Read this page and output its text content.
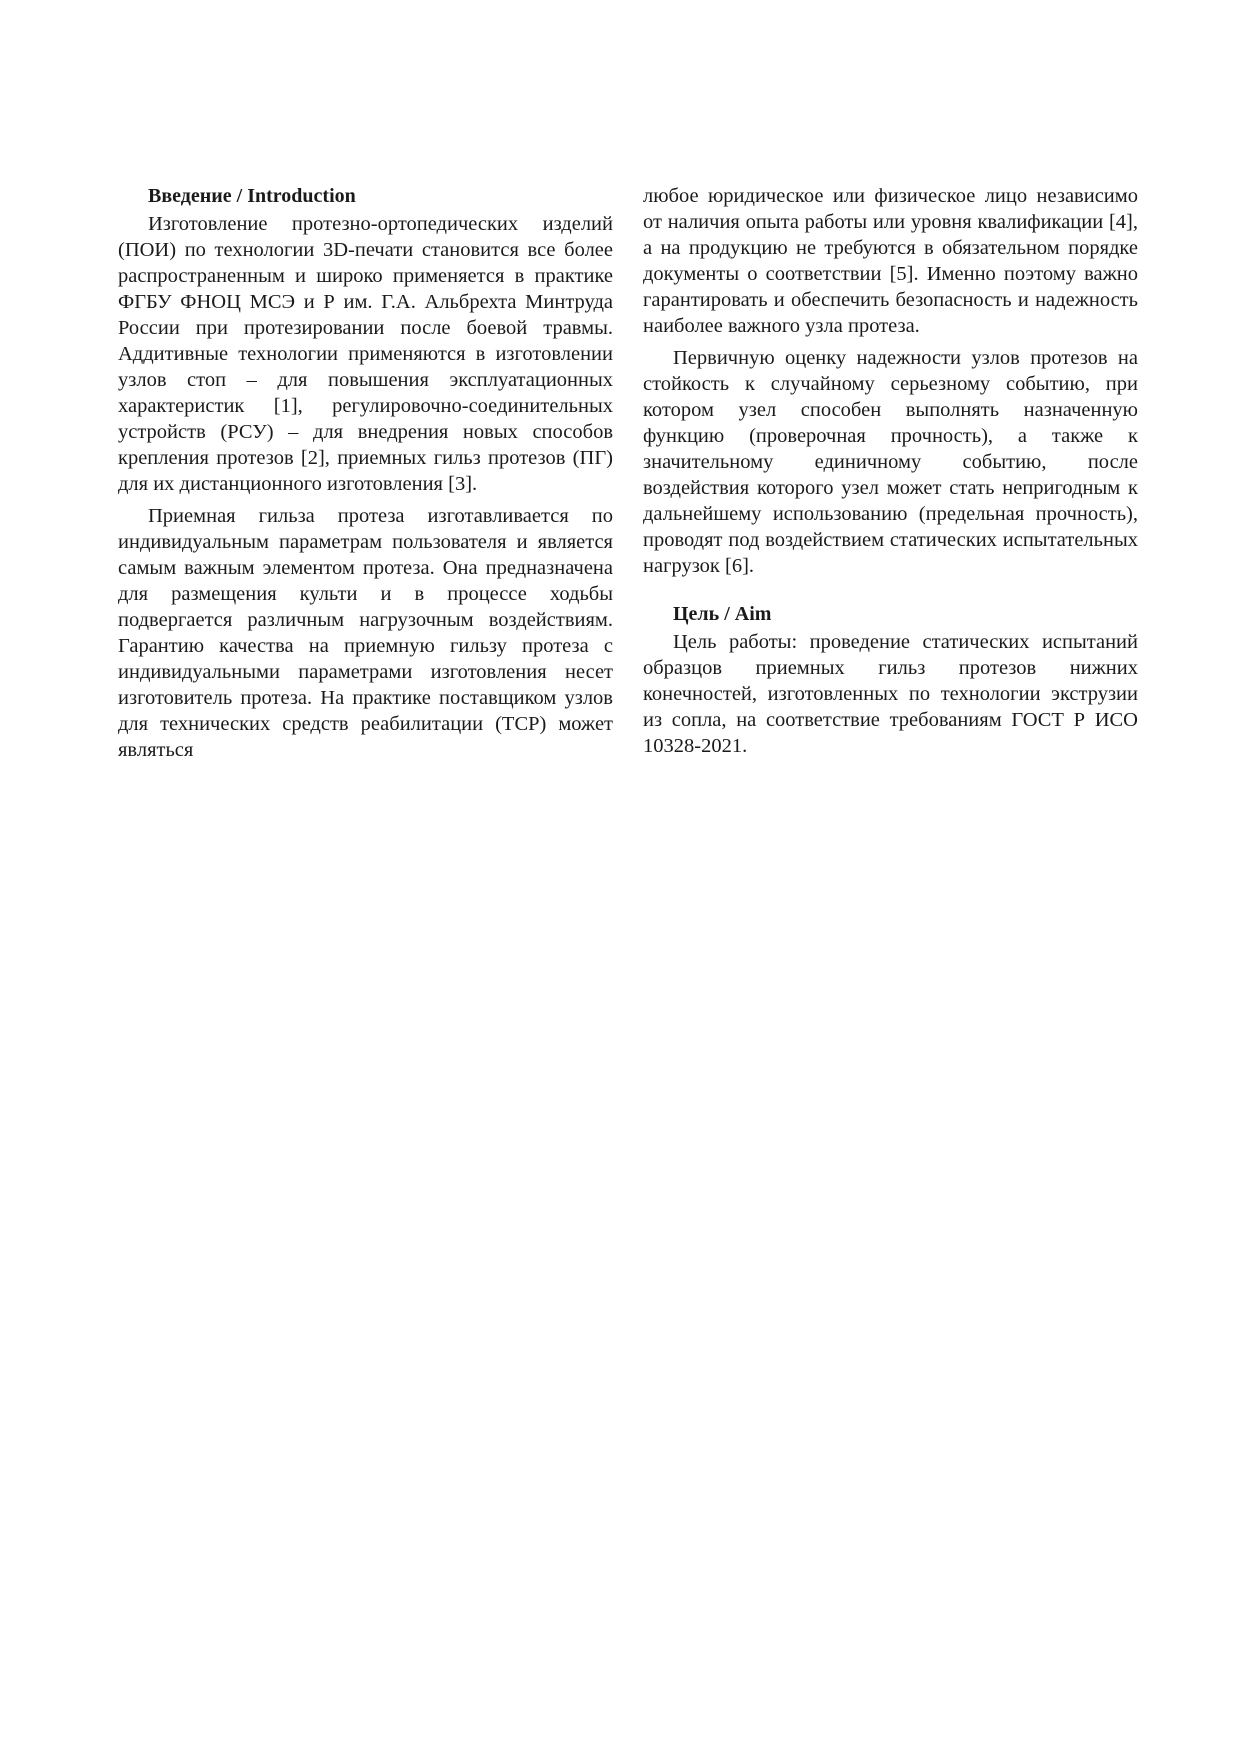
Введение / Introduction

Изготовление протезно-ортопедических изделий (ПОИ) по технологии 3D-печати становится все более распространенным и широко применяется в практике ФГБУ ФНОЦ МСЭ и Р им. Г.А. Альбрехта Минтруда России при протезировании после боевой травмы. Аддитивные технологии применяются в изготовлении узлов стоп – для повышения эксплуатационных характеристик [1], регулировочно-соединительных устройств (РСУ) – для внедрения новых способов крепления протезов [2], приемных гильз протезов (ПГ) для их дистанционного изготовления [3].

Приемная гильза протеза изготавливается по индивидуальным параметрам пользователя и является самым важным элементом протеза. Она предназначена для размещения культи и в процессе ходьбы подвергается различным нагрузочным воздействиям. Гарантию качества на приемную гильзу протеза с индивидуальными параметрами изготовления несет изготовитель протеза. На практике поставщиком узлов для технических средств реабилитации (ТСР) может являться

любое юридическое или физическое лицо независимо от наличия опыта работы или уровня квалификации [4], а на продукцию не требуются в обязательном порядке документы о соответствии [5]. Именно поэтому важно гарантировать и обеспечить безопасность и надежность наиболее важного узла протеза.

Первичную оценку надежности узлов протезов на стойкость к случайному серьезному событию, при котором узел способен выполнять назначенную функцию (проверочная прочность), а также к значительному единичному событию, после воздействия которого узел может стать непригодным к дальнейшему использованию (предельная прочность), проводят под воздействием статических испытательных нагрузок [6].

Цель / Aim

Цель работы: проведение статических испытаний образцов приемных гильз протезов нижних конечностей, изготовленных по технологии экструзии из сопла, на соответствие требованиям ГОСТ Р ИСО 10328-2021.
